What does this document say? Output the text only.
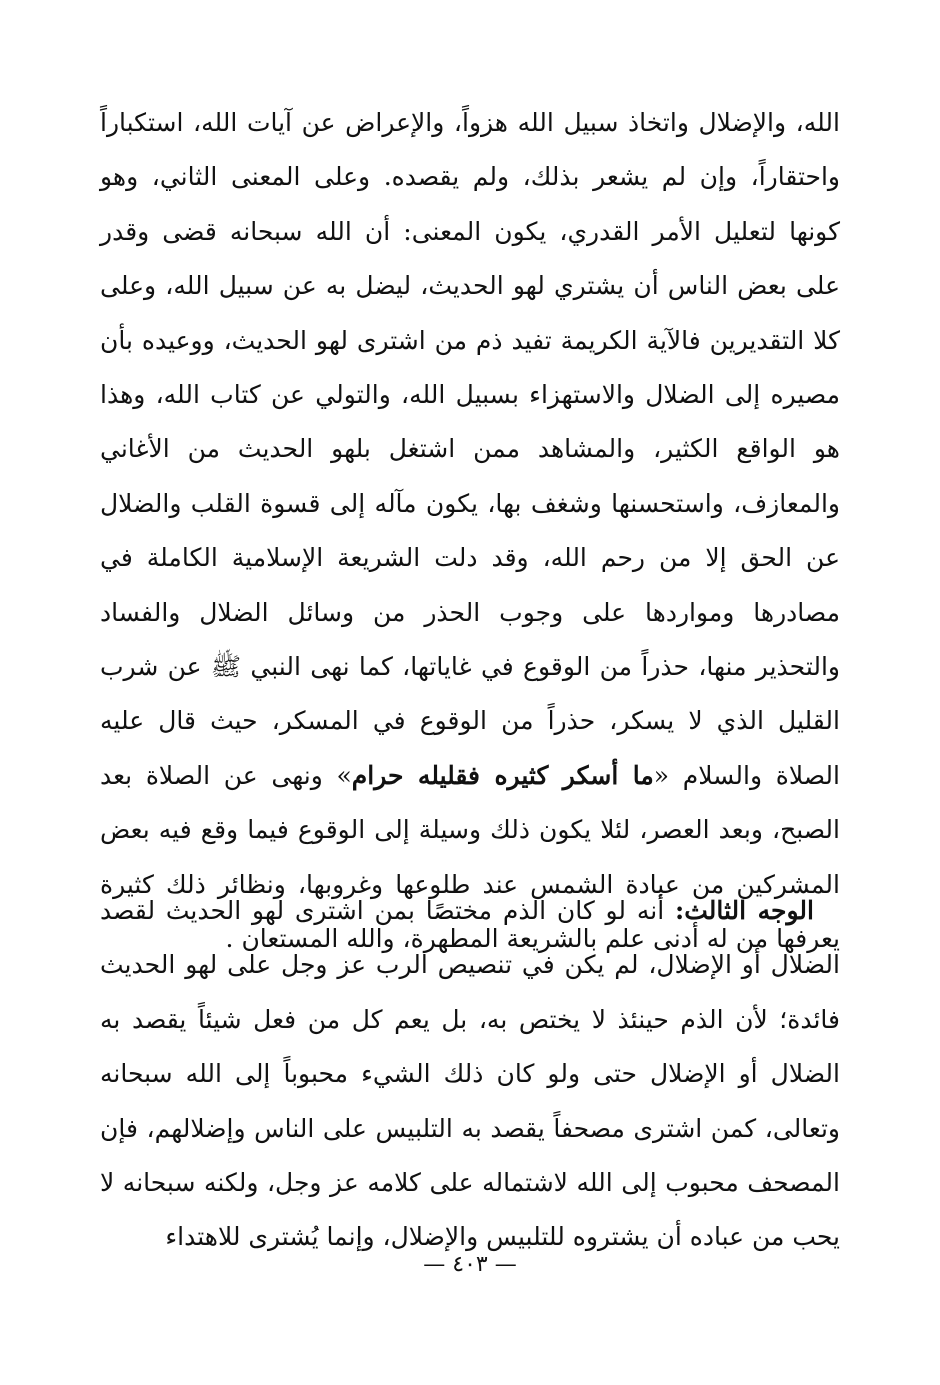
الله، والإضلال واتخاذ سبيل الله هزواً، والإعراض عن آيات الله، استكباراً واحتقاراً، وإن لم يشعر بذلك، ولم يقصده. وعلى المعنى الثاني، وهو كونها لتعليل الأمر القدري، يكون المعنى: أن الله سبحانه قضى وقدر على بعض الناس أن يشتري لهو الحديث، ليضل به عن سبيل الله، وعلى كلا التقديرين فالآية الكريمة تفيد ذم من اشترى لهو الحديث، ووعيده بأن مصيره إلى الضلال والاستهزاء بسبيل الله، والتولي عن كتاب الله، وهذا هو الواقع الكثير، والمشاهد ممن اشتغل بلهو الحديث من الأغاني والمعازف، واستحسنها وشغف بها، يكون مآله إلى قسوة القلب والضلال عن الحق إلا من رحم الله، وقد دلت الشريعة الإسلامية الكاملة في مصادرها ومواردها على وجوب الحذر من وسائل الضلال والفساد والتحذير منها، حذراً من الوقوع في غاياتها، كما نهى النبي ﷺ عن شرب القليل الذي لا يسكر، حذراً من الوقوع في المسكر، حيث قال عليه الصلاة والسلام «ما أسكر كثيره فقليله حرام» ونهى عن الصلاة بعد الصبح، وبعد العصر، لئلا يكون ذلك وسيلة إلى الوقوع فيما وقع فيه بعض المشركين من عبادة الشمس عند طلوعها وغروبها، ونظائر ذلك كثيرة يعرفها من له أدنى علم بالشريعة المطهرة، والله المستعان .

الوجه الثالث: أنه لو كان الذم مختصًا بمن اشترى لهو الحديث لقصد الضلال أو الإضلال، لم يكن في تنصيص الرب عز وجل على لهو الحديث فائدة؛ لأن الذم حينئذ لا يختص به، بل يعم كل من فعل شيئاً يقصد به الضلال أو الإضلال حتى ولو كان ذلك الشيء محبوباً إلى الله سبحانه وتعالى، كمن اشترى مصحفاً يقصد به التلبيس على الناس وإضلالهم، فإن المصحف محبوب إلى الله لاشتماله على كلامه عز وجل، ولكنه سبحانه لا يحب من عباده أن يشتروه للتلبيس والإضلال، وإنما يُشترى للاهتداء

— ٤٠٣ —
